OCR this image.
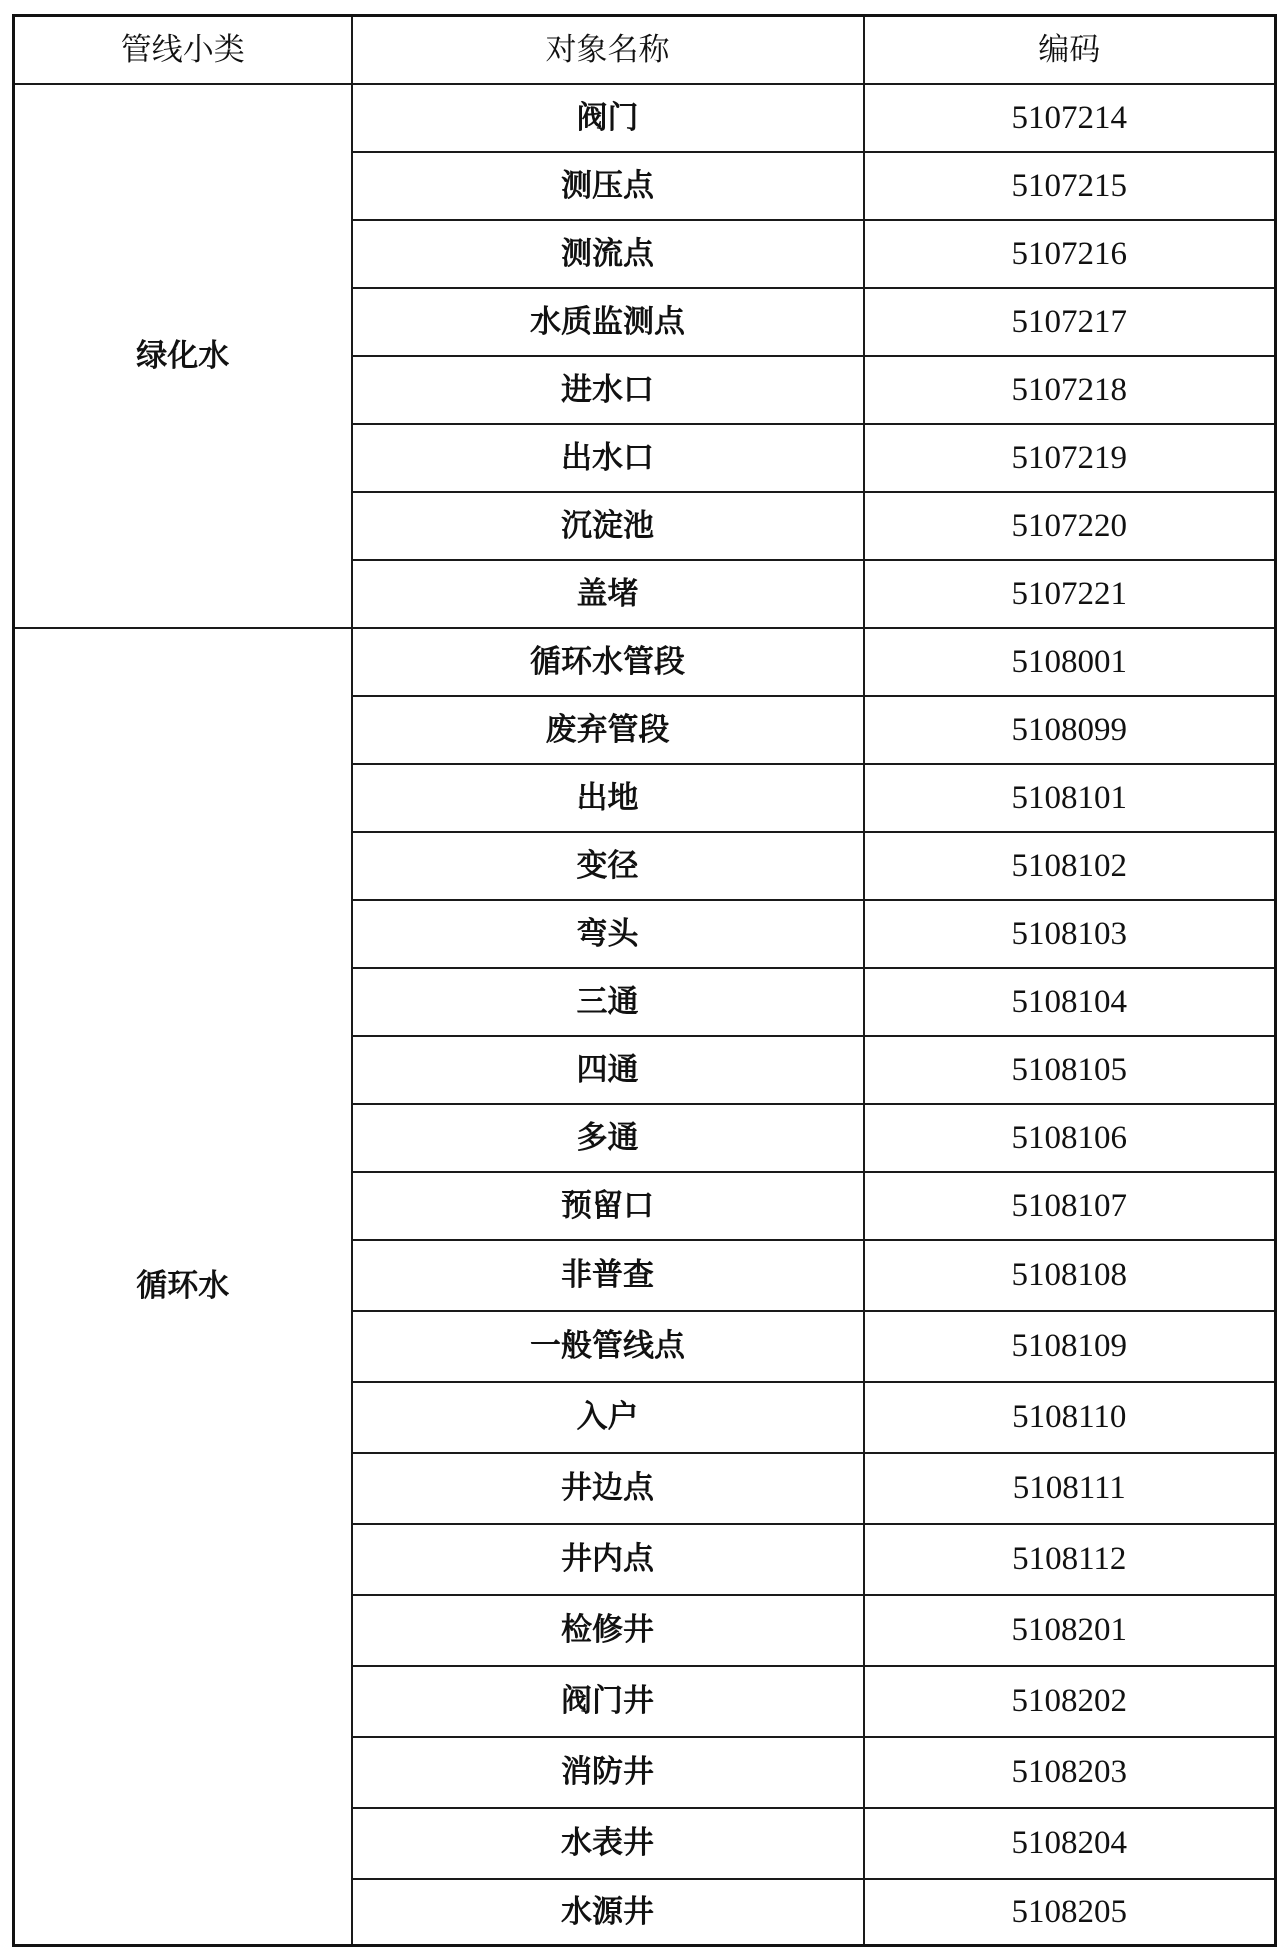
管线小类	对象名称	编码
绿化水	阀门	5107214
	测压点	5107215
	测流点	5107216
	水质监测点	5107217
	进水口	5107218
	出水口	5107219
	沉淀池	5107220
	盖堵	5107221
循环水	循环水管段	5108001
	废弃管段	5108099
	出地	5108101
	变径	5108102
	弯头	5108103
	三通	5108104
	四通	5108105
	多通	5108106
	预留口	5108107
	非普查	5108108
	一般管线点	5108109
	入户	5108110
	井边点	5108111
	井内点	5108112
	检修井	5108201
	阀门井	5108202
	消防井	5108203
	水表井	5108204
	水源井	5108205
